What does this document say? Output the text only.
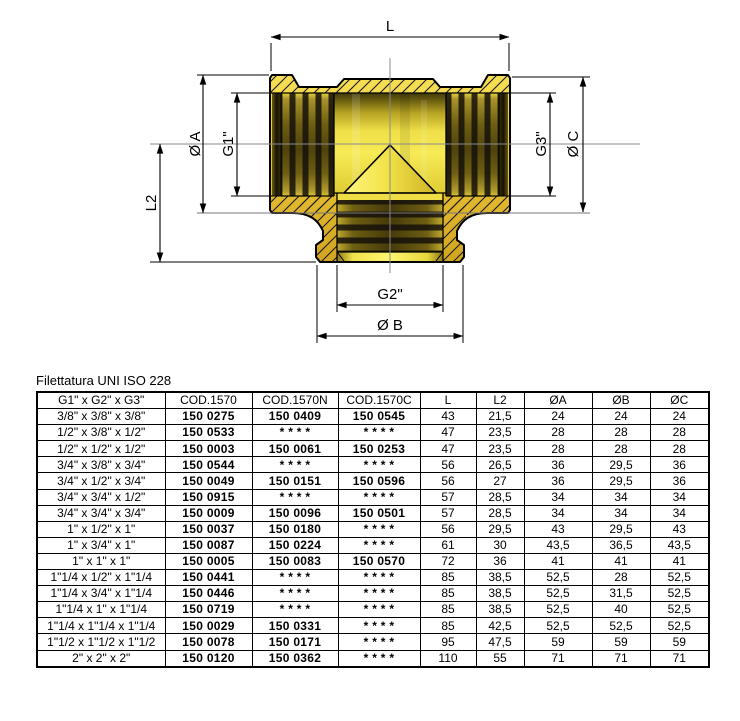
L
Ø A G1"
L2
G3" Ø C
G2"
Ø B
Filettatura UNI ISO 228
G1" x G2" x G3"	COD.1570	COD.1570N	COD.1570C	L	L2	ØA	ØB	ØC
3/8" x 3/8" x 3/8"	150 0275	150 0409	150 0545	43	21,5	24	24	24
1/2" x 3/8" x 1/2"	150 0533	* * * *	* * * *	47	23,5	28	28	28
1/2" x 1/2" x 1/2"	150 0003	150 0061	150 0253	47	23,5	28	28	28
3/4" x 3/8" x 3/4"	150 0544	* * * *	* * * *	56	26,5	36	29,5	36
3/4" x 1/2" x 3/4"	150 0049	150 0151	150 0596	56	27	36	29,5	36
3/4" x 3/4" x 1/2"	150 0915	* * * *	* * * *	57	28,5	34	34	34
3/4" x 3/4" x 3/4"	150 0009	150 0096	150 0501	57	28,5	34	34	34
1" x 1/2" x 1"	150 0037	150 0180	* * * *	56	29,5	43	29,5	43
1" x 3/4" x 1"	150 0087	150 0224	* * * *	61	30	43,5	36,5	43,5
1" x 1" x 1"	150 0005	150 0083	150 0570	72	36	41	41	41
1"1/4 x 1/2" x 1"1/4	150 0441	* * * *	* * * *	85	38,5	52,5	28	52,5
1"1/4 x 3/4" x 1"1/4	150 0446	* * * *	* * * *	85	38,5	52,5	31,5	52,5
1"1/4 x 1" x 1"1/4	150 0719	* * * *	* * * *	85	38,5	52,5	40	52,5
1"1/4 x 1"1/4 x 1"1/4	150 0029	150 0331	* * * *	85	42,5	52,5	52,5	52,5
1"1/2 x 1"1/2 x 1"1/2	150 0078	150 0171	* * * *	95	47,5	59	59	59
2" x 2" x 2"	150 0120	150 0362	* * * *	110	55	71	71	71
